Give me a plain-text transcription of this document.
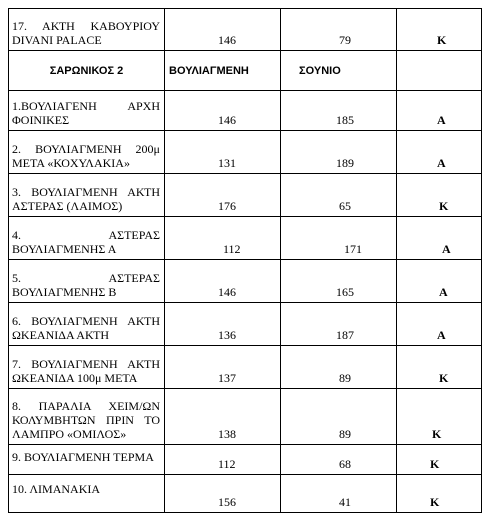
17. ΑΚΤΗ ΚΑΒΟΥΡΙΟΥ DIVANI PALACE	146	79	Κ

ΣΑΡΩΝΙΚΟΣ 2	ΒΟΥΛΙΑΓΜΕΝΗ	ΣΟΥΝΙΟ	

1.ΒΟΥΛΙΑΓΕΝΗ ΑΡΧΗ ΦΟΙΝΙΚΕΣ	146	185	Α

2. ΒΟΥΛΙΑΓΜΕΝΗ 200μ ΜΕΤΑ «ΚΟΧΥΛΑΚΙΑ»	131	189	Α

3. ΒΟΥΛΙΑΓΜΕΝΗ ΑΚΤΗ ΑΣΤΕΡΑΣ (ΛΑΙΜΟΣ)	176	65	Κ

4. ΑΣΤΕΡΑΣ ΒΟΥΛΙΑΓΜΕΝΗΣ Α	112	171	Α

5. ΑΣΤΕΡΑΣ ΒΟΥΛΙΑΓΜΕΝΗΣ Β	146	165	Α

6. ΒΟΥΛΙΑΓΜΕΝΗ ΑΚΤΗ ΩΚΕΑΝΙΔΑ ΑΚΤΗ	136	187	Α

7. ΒΟΥΛΙΑΓΜΕΝΗ ΑΚΤΗ ΩΚΕΑΝΙΔΑ 100μ ΜΕΤΑ	137	89	Κ

8. ΠΑΡΑΛΙΑ ΧΕΙΜ/ΩΝ ΚΟΛΥΜΒΗΤΩΝ ΠΡΙΝ ΤΟ ΛΑΜΠΡΟ «ΟΜΙΛΟΣ»	138	89	Κ

9. ΒΟΥΛΙΑΓΜΕΝΗ ΤΕΡΜΑ	112	68	Κ

10. ΛΙΜΑΝΑΚΙΑ	156	41	Κ
